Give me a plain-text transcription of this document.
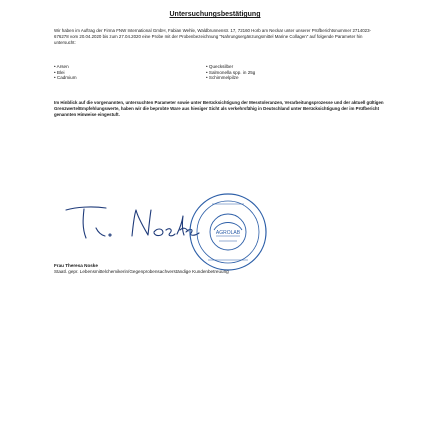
Untersuchungsbestätigung
Wir haben im Auftrag der Firma FNW International GmbH, Fabian Wehle, Waldbrunnenstr. 17, 72160 Horb am Neckar unter unserer Prüfberichtsnummer 2714023-676278 vom 20.04.2020 bis zum 27.04.2020 eine Probe mit der Probenbezeichnung "Nahrungsergänzungsmittel Marine Collagen" auf folgende Parameter hin untersucht:
• Arsen
• Blei
• Cadmium
• Quecksilber
• Salmonella spp. in 25g
• Schimmelpilze
Im Hinblick auf die vorgenannten, untersuchten Parameter sowie unter Berücksichtigung der Messtoleranzen, Verarbeitungsprozesse und der aktuell gültigen Grenzwerte/Empfehlungswerte, haben wir die beprobte Ware aus hiesiger Sicht als verkehrsfähig in Deutschland unter Berücksichtigung der im Prüfbericht genannten Hinweise eingestuft.
AGROLAB
Frau Theresa Noske
Staatl. gepr. Lebensmittelchemikerin/Gegenprobensachverständige Kundenbetreuung
